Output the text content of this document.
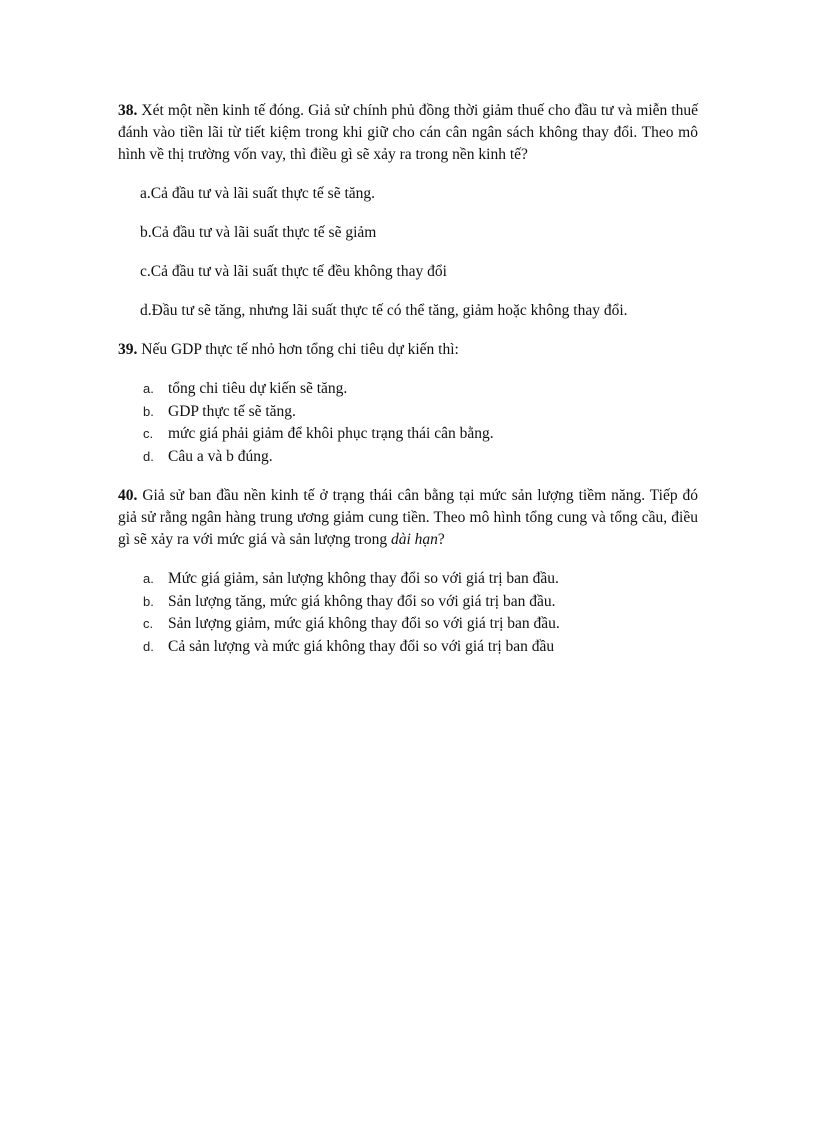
38. Xét một nền kinh tế đóng. Giả sử chính phủ đồng thời giảm thuế cho đầu tư và miễn thuế đánh vào tiền lãi từ tiết kiệm trong khi giữ cho cán cân ngân sách không thay đổi. Theo mô hình về thị trường vốn vay, thì điều gì sẽ xảy ra trong nền kinh tế?

a.Cả đầu tư và lãi suất thực tế sẽ tăng.

b.Cả đầu tư và lãi suất thực tế sẽ giảm

c.Cả đầu tư và lãi suất thực tế đều không thay đổi

d.Đầu tư sẽ tăng, nhưng lãi suất thực tế có thể tăng, giảm hoặc không thay đổi.

39. Nếu GDP thực tế nhỏ hơn tổng chi tiêu dự kiến thì:

a. tổng chi tiêu dự kiến sẽ tăng.
b. GDP thực tế sẽ tăng.
c. mức giá phải giảm để khôi phục trạng thái cân bằng.
d. Câu a và b đúng.

40. Giả sử ban đầu nền kinh tế ở trạng thái cân bằng tại mức sản lượng tiềm năng. Tiếp đó giả sử rằng ngân hàng trung ương giảm cung tiền. Theo mô hình tổng cung và tổng cầu, điều gì sẽ xảy ra với mức giá và sản lượng trong dài hạn?

a. Mức giá giảm, sản lượng không thay đổi so với giá trị ban đầu.
b. Sản lượng tăng, mức giá không thay đổi so với giá trị ban đầu.
c. Sản lượng giảm, mức giá không thay đổi so với giá trị ban đầu.
d. Cả sản lượng và mức giá không thay đổi so với giá trị ban đầu
